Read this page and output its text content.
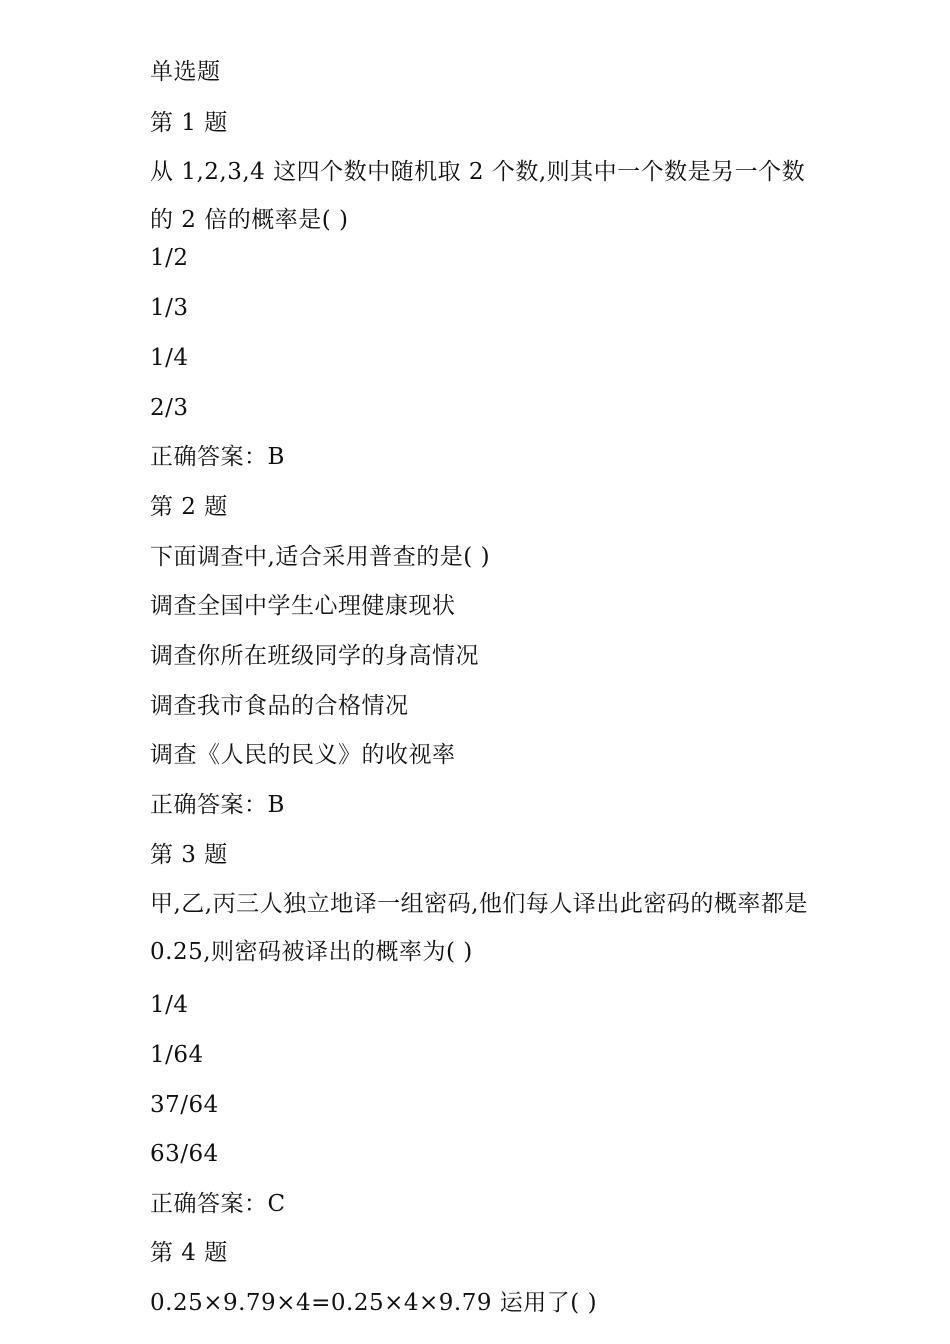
单选题
第 1 题
从 1,2,3,4 这四个数中随机取 2 个数,则其中一个数是另一个数的 2 倍的概率是( )
1/2
1/3
1/4
2/3
正确答案：B
第 2 题
下面调查中,适合采用普查的是( )
调查全国中学生心理健康现状
调查你所在班级同学的身高情况
调查我市食品的合格情况
调查《人民的民义》的收视率
正确答案：B
第 3 题
甲,乙,丙三人独立地译一组密码,他们每人译出此密码的概率都是 0.25,则密码被译出的概率为( )
1/4
1/64
37/64
63/64
正确答案：C
第 4 题
0.25×9.79×4=0.25×4×9.79 运用了( )
